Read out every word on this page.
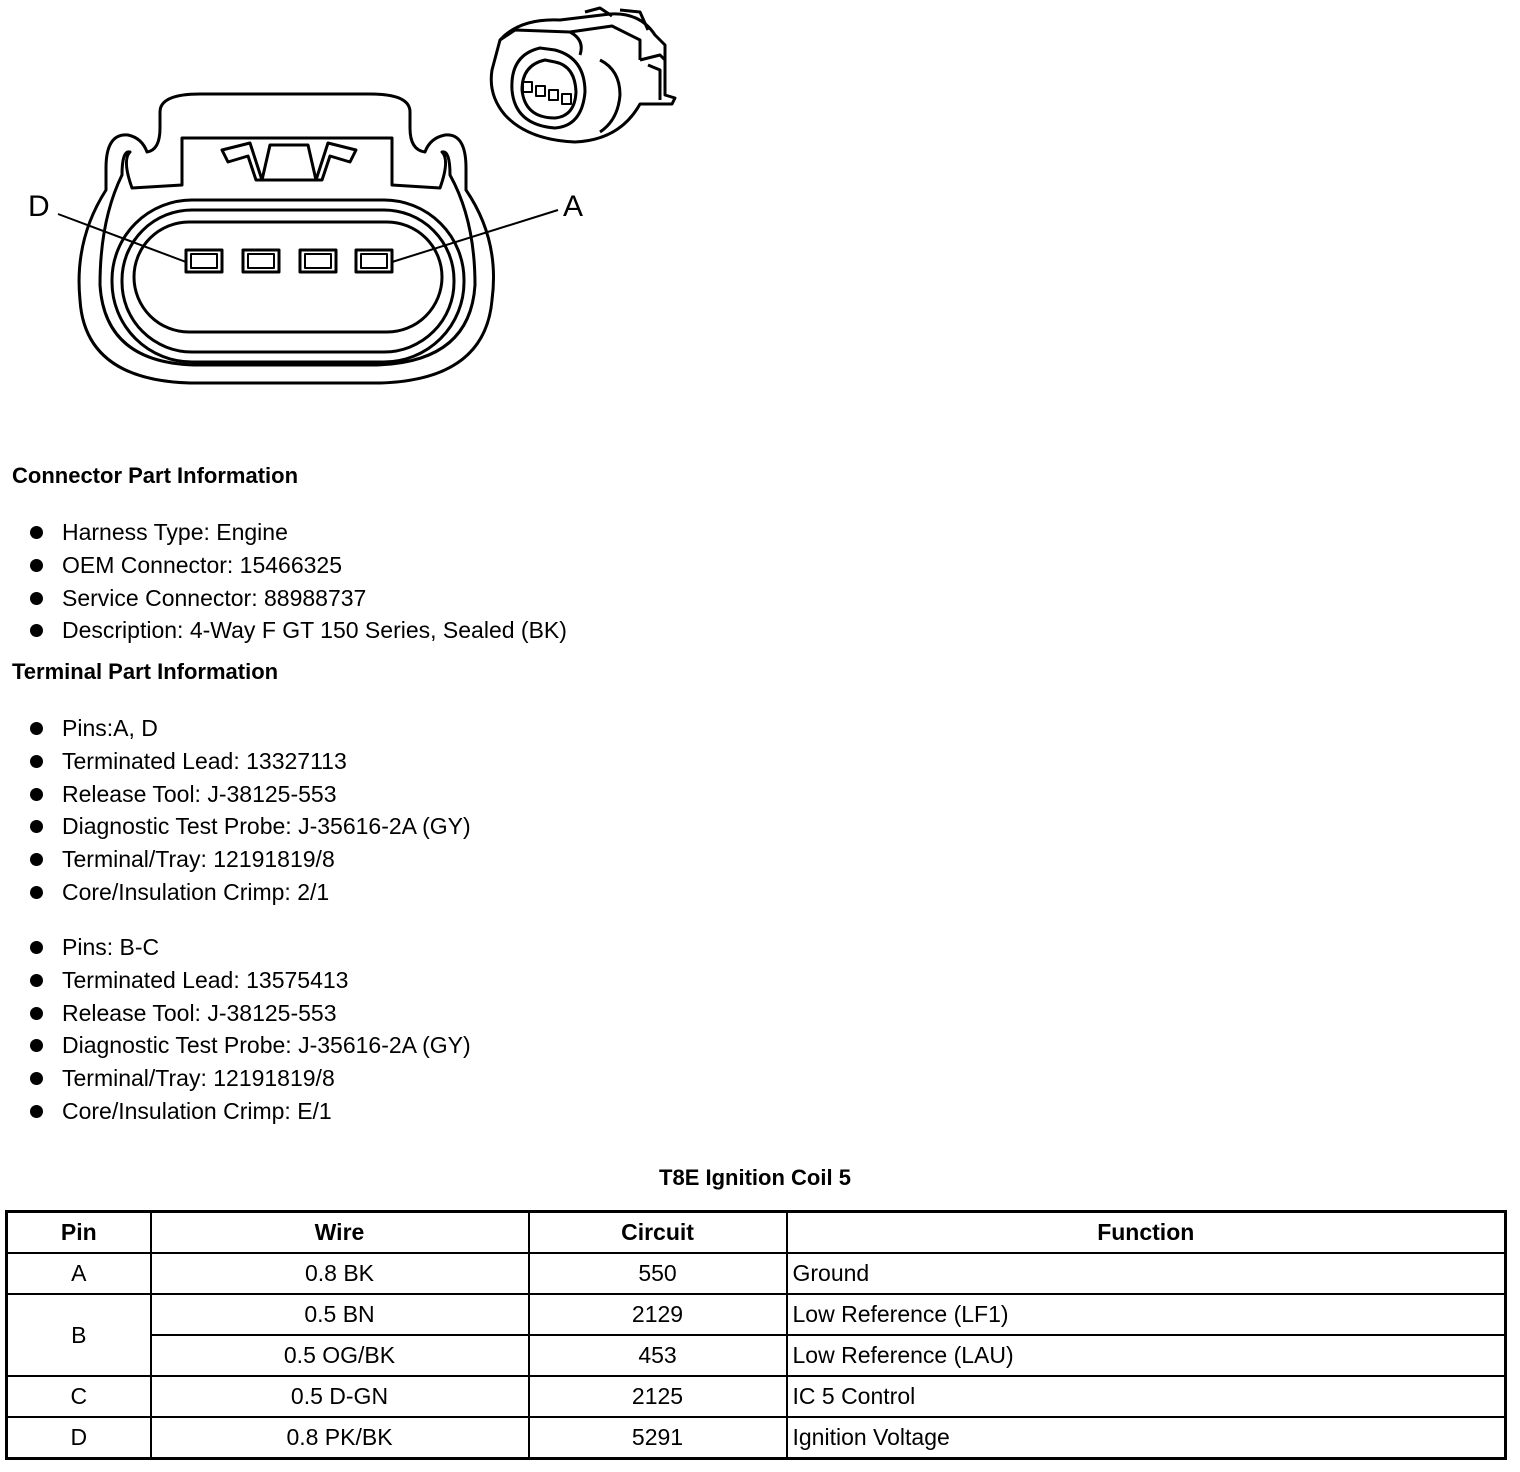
D	A
Connector Part Information
Harness Type: Engine
OEM Connector: 15466325
Service Connector: 88988737
Description: 4-Way F GT 150 Series, Sealed (BK)
Terminal Part Information
Pins:A, D
Terminated Lead: 13327113
Release Tool: J-38125-553
Diagnostic Test Probe: J-35616-2A (GY)
Terminal/Tray: 12191819/8
Core/Insulation Crimp: 2/1
Pins: B-C
Terminated Lead: 13575413
Release Tool: J-38125-553
Diagnostic Test Probe: J-35616-2A (GY)
Terminal/Tray: 12191819/8
Core/Insulation Crimp: E/1
T8E Ignition Coil 5
Pin	Wire	Circuit	Function
A	0.8 BK	550	Ground
B	0.5 BN	2129	Low Reference (LF1)
	0.5 OG/BK	453	Low Reference (LAU)
C	0.5 D-GN	2125	IC 5 Control
D	0.8 PK/BK	5291	Ignition Voltage
